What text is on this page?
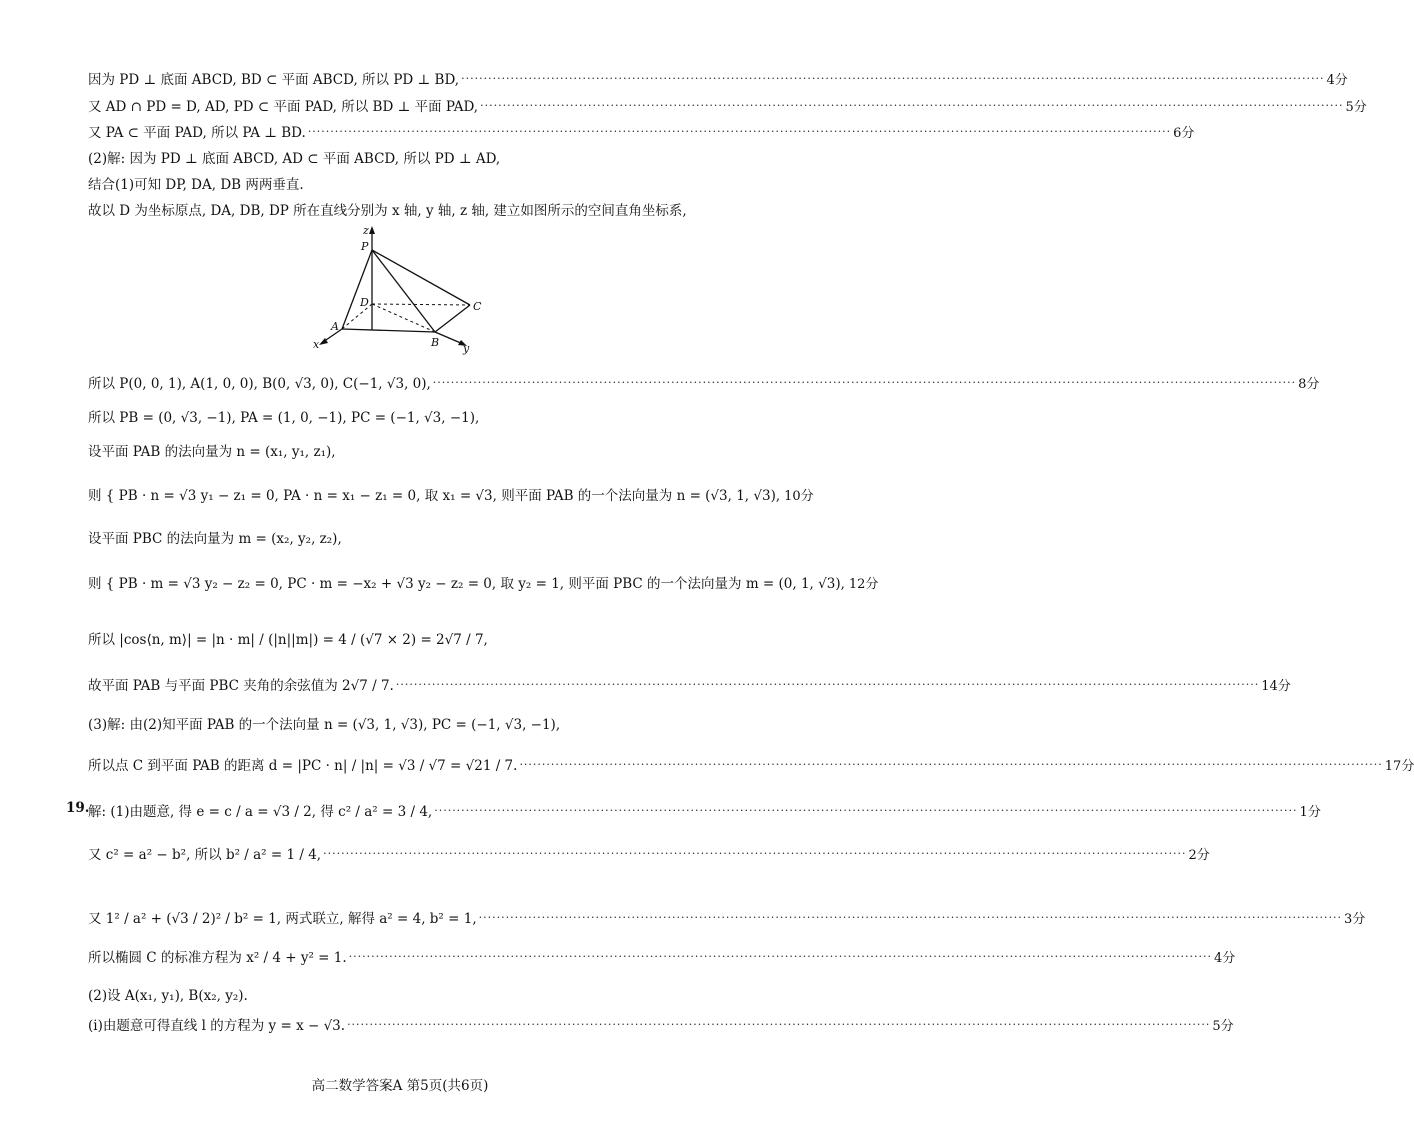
因为 PD ⊥ 底面 ABCD, BD ⊂ 平面 ABCD, 所以 PD ⊥ BD, ·····	4分
又 AD ∩ PD = D, AD, PD ⊂ 平面 PAD, 所以 BD ⊥ 平面 PAD, ·····	5分
又 PA ⊂ 平面 PAD, 所以 PA ⊥ BD. ·····	6分
(2)解: 因为 PD ⊥ 底面 ABCD, AD ⊂ 平面 ABCD, 所以 PD ⊥ AD,
结合(1)可知 DP, DA, DB 两两垂直.
故以 D 为坐标原点, DA, DB, DP 所在直线分别为 x 轴, y 轴, z 轴, 建立如图所示的空间直角坐标系,
z
P
D	C
A
B
x	y
所以 P(0, 0, 1), A(1, 0, 0), B(0, √3, 0), C(−1, √3, 0), ·····	8分
所以 PB = (0, √3, −1), PA = (1, 0, −1), PC = (−1, √3, −1),
设平面 PAB 的法向量为 n = (x₁, y₁, z₁),
则 { PB · n = √3 y₁ − z₁ = 0, PA · n = x₁ − z₁ = 0, 取 x₁ = √3, 则平面 PAB 的一个法向量为 n = (√3, 1, √3), 10分
设平面 PBC 的法向量为 m = (x₂, y₂, z₂),
则 { PB · m = √3 y₂ − z₂ = 0, PC · m = −x₂ + √3 y₂ − z₂ = 0, 取 y₂ = 1, 则平面 PBC 的一个法向量为 m = (0, 1, √3), 12分
所以 |cos⟨n, m⟩| = |n · m| / (|n||m|) = 4 / (√7 × 2) = 2√7 / 7,
故平面 PAB 与平面 PBC 夹角的余弦值为 2√7 / 7. ·····	14分
(3)解: 由(2)知平面 PAB 的一个法向量 n = (√3, 1, √3), PC = (−1, √3, −1),
所以点 C 到平面 PAB 的距离 d = |PC · n| / |n| = √3 / √7 = √21 / 7. ·····	17分
19.
解: (1)由题意, 得 e = c / a = √3 / 2, 得 c² / a² = 3 / 4, ·····	1分
又 c² = a² − b², 所以 b² / a² = 1 / 4, ·····	2分
又 1² / a² + (√3 / 2)² / b² = 1, 两式联立, 解得 a² = 4, b² = 1, ·····	3分
所以椭圆 C 的标准方程为 x² / 4 + y² = 1. ·····	4分
(2)设 A(x₁, y₁), B(x₂, y₂).
(i)由题意可得直线 l 的方程为 y = x − √3. ·····	5分
高二数学答案A 第5页(共6页)
